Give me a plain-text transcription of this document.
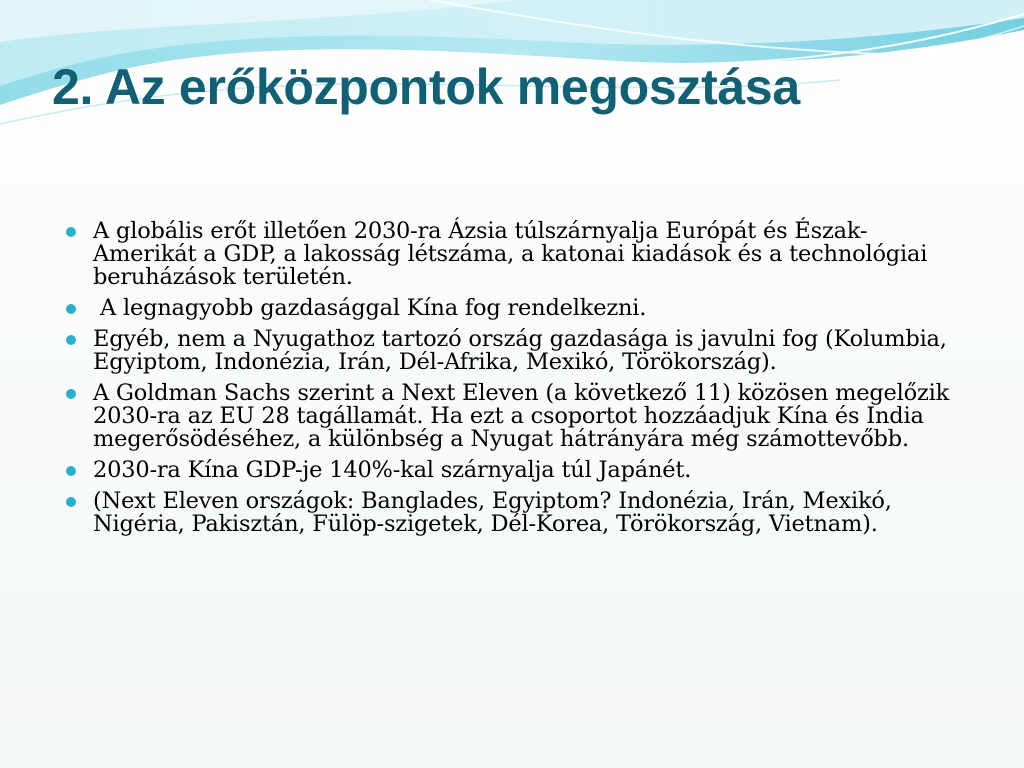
2. Az erőközpontok megosztása
A globális erőt illetően 2030-ra Ázsia túlszárnyalja Európát és Észak-Amerikát a GDP, a lakosság létszáma, a katonai kiadások és a technológiai beruházások területén.
A legnagyobb gazdasággal Kína fog rendelkezni.
Egyéb, nem a Nyugathoz tartozó ország gazdasága is javulni fog (Kolumbia, Egyiptom, Indonézia, Irán, Dél-Afrika, Mexikó, Törökország).
A Goldman Sachs szerint a Next Eleven (a következő 11) közösen megelőzik 2030-ra az EU 28 tagállamát. Ha ezt a csoportot hozzáadjuk Kína és India megerősödéséhez, a különbség a Nyugat hátrányára még számottevőbb.
2030-ra Kína GDP-je 140%-kal szárnyalja túl Japánét.
(Next Eleven országok: Banglades, Egyiptom? Indonézia, Irán, Mexikó, Nigéria, Pakisztán, Fülöp-szigetek, Dél-Korea, Törökország, Vietnam).
